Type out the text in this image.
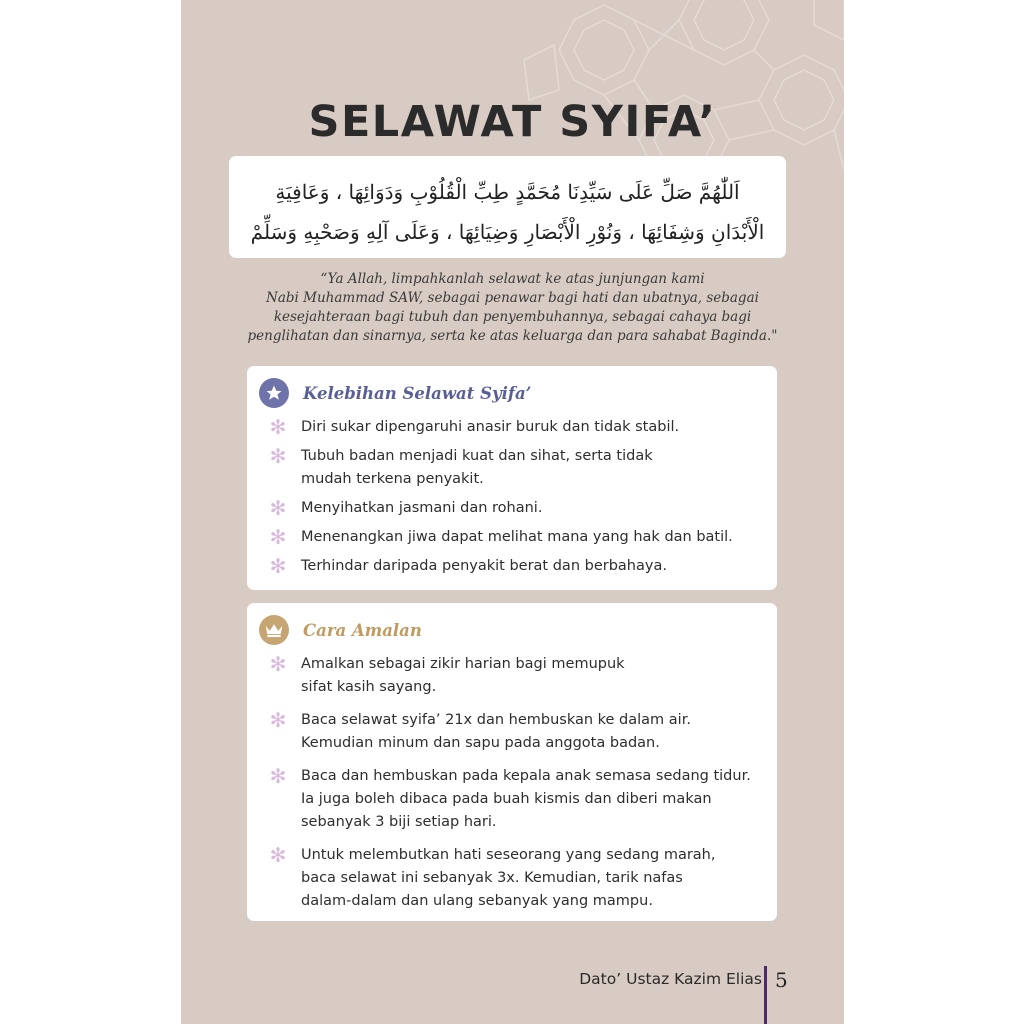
SELAWAT SYIFA’
اَللّٰهُمَّ صَلِّ عَلَى سَيِّدِنَا مُحَمَّدٍ طِبِّ الْقُلُوْبِ وَدَوَائِهَا ، وَعَافِيَةِ
الْأَبْدَانِ وَشِفَائِهَا ، وَنُوْرِ الْأَبْصَارِ وَضِيَائِهَا ، وَعَلَى آلِهِ وَصَحْبِهِ وَسَلِّمْ
“Ya Allah, limpahkanlah selawat ke atas junjungan kami
Nabi Muhammad SAW, sebagai penawar bagi hati dan ubatnya, sebagai
kesejahteraan bagi tubuh dan penyembuhannya, sebagai cahaya bagi
penglihatan dan sinarnya, serta ke atas keluarga dan para sahabat Baginda."
Kelebihan Selawat Syifa’
✻ Diri sukar dipengaruhi anasir buruk dan tidak stabil.
✻ Tubuh badan menjadi kuat dan sihat, serta tidak
mudah terkena penyakit.
✻ Menyihatkan jasmani dan rohani.
✻ Menenangkan jiwa dapat melihat mana yang hak dan batil.
✻ Terhindar daripada penyakit berat dan berbahaya.
Cara Amalan
✻ Amalkan sebagai zikir harian bagi memupuk
sifat kasih sayang.
✻ Baca selawat syifa’ 21x dan hembuskan ke dalam air.
Kemudian minum dan sapu pada anggota badan.
✻ Baca dan hembuskan pada kepala anak semasa sedang tidur.
Ia juga boleh dibaca pada buah kismis dan diberi makan
sebanyak 3 biji setiap hari.
✻ Untuk melembutkan hati seseorang yang sedang marah,
baca selawat ini sebanyak 3x. Kemudian, tarik nafas
dalam-dalam dan ulang sebanyak yang mampu.
Dato’ Ustaz Kazim Elias 5
